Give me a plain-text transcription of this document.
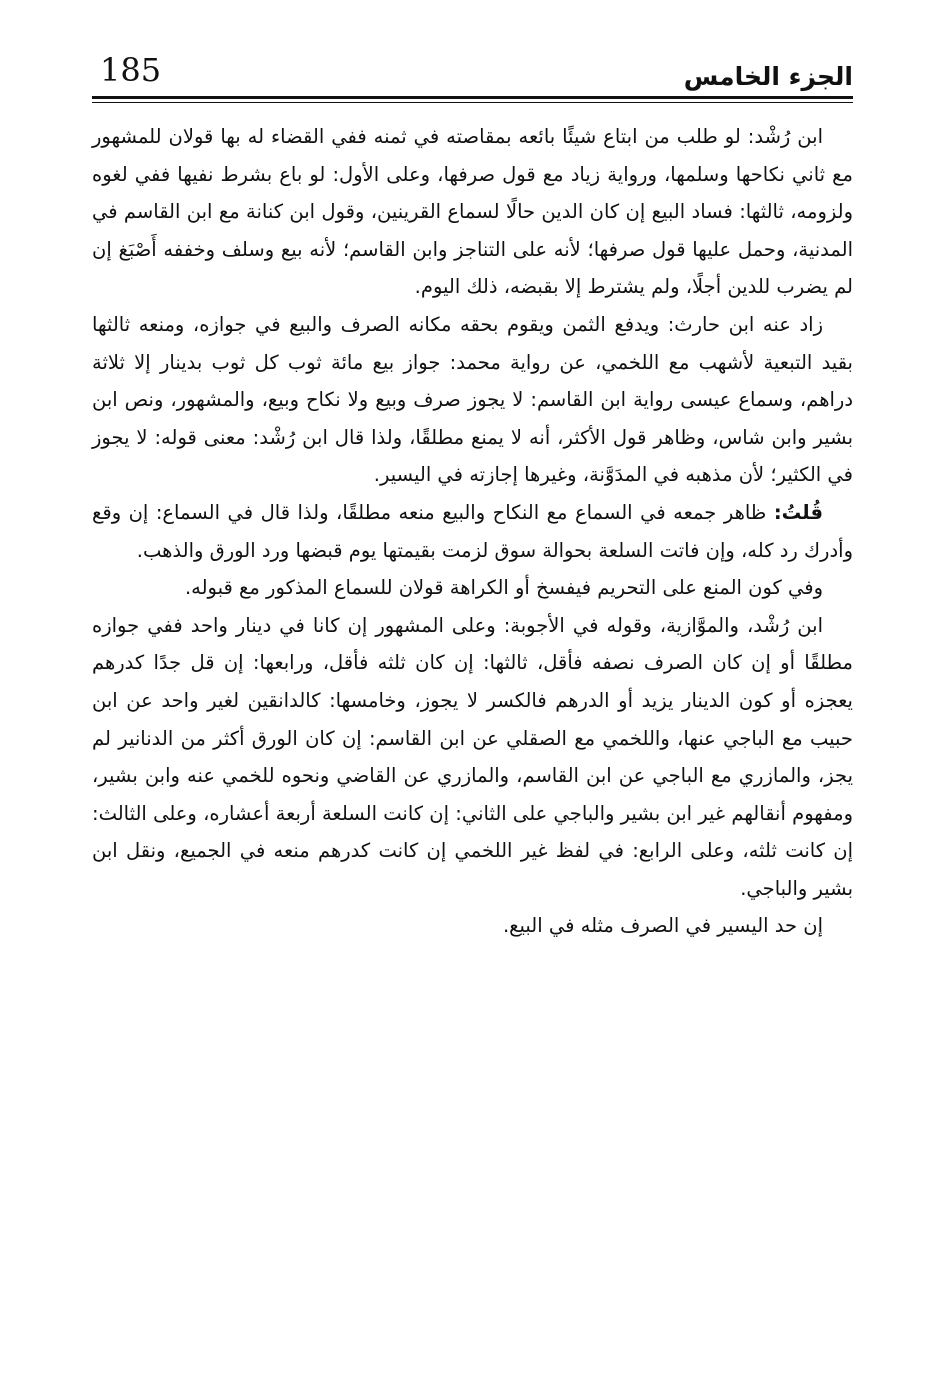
185	الجزء الخامس

ابن رُشْد: لو طلب من ابتاع شيئًا بائعه بمقاصته في ثمنه ففي القضاء له بها قولان للمشهور مع ثاني نكاحها وسلمها، ورواية زياد مع قول صرفها، وعلى الأول: لو باع بشرط نفيها ففي لغوه ولزومه، ثالثها: فساد البيع إن كان الدين حالًا لسماع القرينين، وقول ابن كنانة مع ابن القاسم في المدنية، وحمل عليها قول صرفها؛ لأنه على التناجز وابن القاسم؛ لأنه بيع وسلف وخففه أَصْبَغ إن لم يضرب للدين أجلًا، ولم يشترط إلا بقبضه، ذلك اليوم.

زاد عنه ابن حارث: ويدفع الثمن ويقوم بحقه مكانه الصرف والبيع في جوازه، ومنعه ثالثها بقيد التبعية لأشهب مع اللخمي، عن رواية محمد: جواز بيع مائة ثوب كل ثوب بدينار إلا ثلاثة دراهم، وسماع عيسى رواية ابن القاسم: لا يجوز صرف وبيع ولا نكاح وبيع، والمشهور، ونص ابن بشير وابن شاس، وظاهر قول الأكثر، أنه لا يمنع مطلقًا، ولذا قال ابن رُشْد: معنى قوله: لا يجوز في الكثير؛ لأن مذهبه في المدَوَّنة، وغيرها إجازته في اليسير.

قُلتُ: ظاهر جمعه في السماع مع النكاح والبيع منعه مطلقًا، ولذا قال في السماع: إن وقع وأدرك رد كله، وإن فاتت السلعة بحوالة سوق لزمت بقيمتها يوم قبضها ورد الورق والذهب.

وفي كون المنع على التحريم فيفسخ أو الكراهة قولان للسماع المذكور مع قبوله.

ابن رُشْد، والموَّازية، وقوله في الأجوبة: وعلى المشهور إن كانا في دينار واحد ففي جوازه مطلقًا أو إن كان الصرف نصفه فأقل، ثالثها: إن كان ثلثه فأقل، ورابعها: إن قل جدًا كدرهم يعجزه أو كون الدينار يزيد أو الدرهم فالكسر لا يجوز، وخامسها: كالدانقين لغير واحد عن ابن حبيب مع الباجي عنها، واللخمي مع الصقلي عن ابن القاسم: إن كان الورق أكثر من الدنانير لم يجز، والمازري مع الباجي عن ابن القاسم، والمازري عن القاضي ونحوه للخمي عنه وابن بشير، ومفهوم أنقالهم غير ابن بشير والباجي على الثاني: إن كانت السلعة أربعة أعشاره، وعلى الثالث: إن كانت ثلثه، وعلى الرابع: في لفظ غير اللخمي إن كانت كدرهم منعه في الجميع، ونقل ابن بشير والباجي.

إن حد اليسير في الصرف مثله في البيع.
